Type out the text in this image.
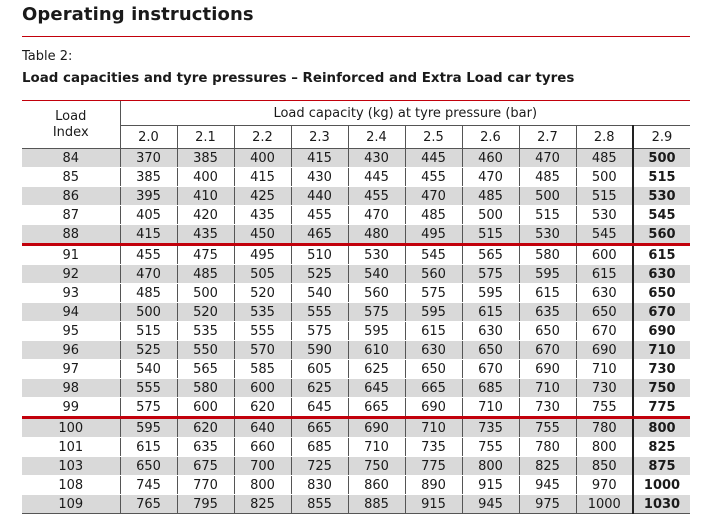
Operating instructions
Table 2:
Load capacities and tyre pressures – Reinforced and Extra Load car tyres
Load
Index	Load capacity (kg) at tyre pressure (bar)									
	2.0	2.1	2.2	2.3	2.4	2.5	2.6	2.7	2.8	2.9
84	370	385	400	415	430	445	460	470	485	500
85	385	400	415	430	445	455	470	485	500	515
86	395	410	425	440	455	470	485	500	515	530
87	405	420	435	455	470	485	500	515	530	545
88	415	435	450	465	480	495	515	530	545	560
91	455	475	495	510	530	545	565	580	600	615
92	470	485	505	525	540	560	575	595	615	630
93	485	500	520	540	560	575	595	615	630	650
94	500	520	535	555	575	595	615	635	650	670
95	515	535	555	575	595	615	630	650	670	690
96	525	550	570	590	610	630	650	670	690	710
97	540	565	585	605	625	650	670	690	710	730
98	555	580	600	625	645	665	685	710	730	750
99	575	600	620	645	665	690	710	730	755	775
100	595	620	640	665	690	710	735	755	780	800
101	615	635	660	685	710	735	755	780	800	825
103	650	675	700	725	750	775	800	825	850	875
108	745	770	800	830	860	890	915	945	970	1000
109	765	795	825	855	885	915	945	975	1000	1030
